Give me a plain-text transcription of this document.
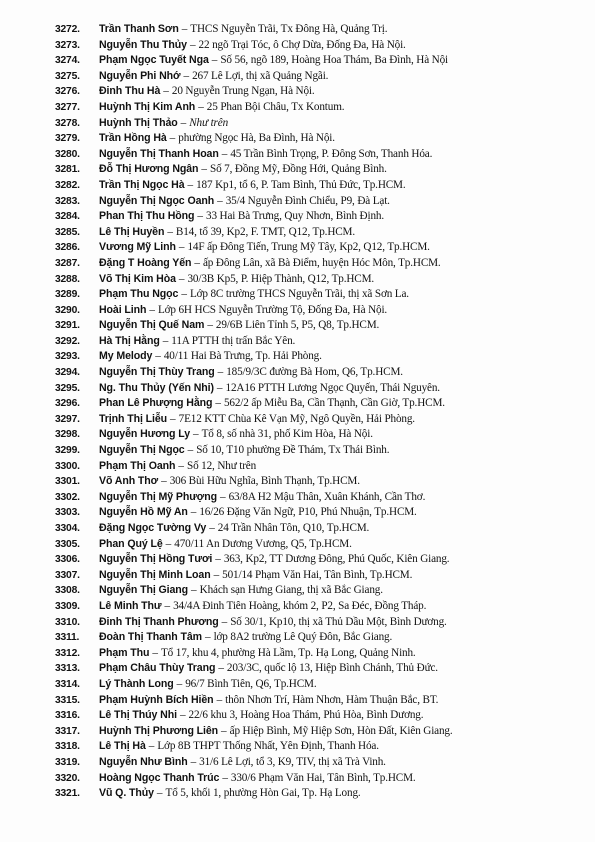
3272. Trần Thanh Sơn – THCS Nguyễn Trãi, Tx Đông Hà, Quảng Trị.
3273. Nguyễn Thu Thủy – 22 ngõ Trại Tóc, ô Chợ Dừa, Đống Đa, Hà Nội.
3274. Phạm Ngọc Tuyết Nga – Số 56, ngõ 189, Hoàng Hoa Thám, Ba Đình, Hà Nội
3275. Nguyễn Phi Nhớ – 267 Lê Lợi, thị xã Quảng Ngãi.
3276. Đinh Thu Hà – 20 Nguyễn Trung Ngạn, Hà Nội.
3277. Huỳnh Thị Kim Anh – 25 Phan Bội Châu, Tx Kontum.
3278. Huỳnh Thị Thảo – Như trên
3279. Trần Hồng Hà – phường Ngọc Hà, Ba Đình, Hà Nội.
3280. Nguyễn Thị Thanh Hoan – 45 Trần Bình Trọng, P. Đông Sơn, Thanh Hóa.
3281. Đỗ Thị Hương Ngân – Số 7, Đồng Mỹ, Đồng Hới, Quảng Bình.
3282. Trần Thị Ngọc Hà – 187 Kp1, tổ 6, P. Tam Bình, Thủ Đức, Tp.HCM.
3283. Nguyễn Thị Ngọc Oanh – 35/4 Nguyễn Đình Chiểu, P9, Đà Lạt.
3284. Phan Thị Thu Hồng – 33 Hai Bà Trưng, Quy Nhơn, Bình Định.
3285. Lê Thị Huyền – B14, tổ 39, Kp2, F. TMT, Q12, Tp.HCM.
3286. Vương Mỹ Linh – 14F ấp Đông Tiến, Trung Mỹ Tây, Kp2, Q12, Tp.HCM.
3287. Đặng T Hoàng Yến – ấp Đông Lân, xã Bà Điểm, huyện Hóc Môn, Tp.HCM.
3288. Võ Thị Kim Hòa – 30/3B Kp5, P. Hiệp Thành, Q12, Tp.HCM.
3289. Phạm Thu Ngọc – Lớp 8C trường THCS Nguyễn Trãi, thị xã Sơn La.
3290. Hoài Linh – Lớp 6H HCS Nguyễn Trường Tộ, Đống Đa, Hà Nội.
3291. Nguyễn Thị Quế Nam – 29/6B Liên Tỉnh 5, P5, Q8, Tp.HCM.
3292. Hà Thị Hằng – 11A PTTH thị trấn Bắc Yên.
3293. My Melody – 40/11 Hai Bà Trưng, Tp. Hải Phòng.
3294. Nguyễn Thị Thùy Trang – 185/9/3C đường Bà Hom, Q6, Tp.HCM.
3295. Ng. Thu Thủy (Yến Nhi) – 12A16 PTTH Lương Ngọc Quyến, Thái Nguyên.
3296. Phan Lê Phượng Hằng – 562/2 ấp Miễu Ba, Cần Thạnh, Cần Giờ, Tp.HCM.
3297. Trịnh Thị Liễu – 7E12 KTT Chùa Kê Vạn Mỹ, Ngô Quyền, Hải Phòng.
3298. Nguyễn Hương Ly – Tổ 8, số nhà 31, phố Kim Hòa, Hà Nội.
3299. Nguyễn Thị Ngọc – Số 10, T10 phường Đề Thám, Tx Thái Bình.
3300. Phạm Thị Oanh – Số 12, Như trên
3301. Võ Anh Thơ – 306 Bùi Hữu Nghĩa, Bình Thạnh, Tp.HCM.
3302. Nguyễn Thị Mỹ Phượng – 63/8A H2 Mậu Thân, Xuân Khánh, Cần Thơ.
3303. Nguyễn Hồ Mỹ An – 16/26 Đặng Văn Ngữ, P10, Phú Nhuận, Tp.HCM.
3304. Đặng Ngọc Tường Vy – 24 Trần Nhân Tôn, Q10, Tp.HCM.
3305. Phan Quý Lệ – 470/11 An Dương Vương, Q5, Tp.HCM.
3306. Nguyễn Thị Hồng Tươi – 363, Kp2, TT Dương Đông, Phú Quốc, Kiên Giang.
3307. Nguyễn Thị Minh Loan – 501/14 Phạm Văn Hai, Tân Bình, Tp.HCM.
3308. Nguyễn Thị Giang – Khách sạn Hưng Giang, thị xã Bắc Giang.
3309. Lê Minh Thư – 34/4A Đinh Tiên Hoàng, khóm 2, P2, Sa Đéc, Đồng Tháp.
3310. Đinh Thị Thanh Phương – Số 30/1, Kp10, thị xã Thủ Dầu Một, Bình Dương.
3311. Đoàn Thị Thanh Tâm – lớp 8A2 trường Lê Quý Đôn, Bắc Giang.
3312. Phạm Thu – Tổ 17, khu 4, phường Hà Lầm, Tp. Hạ Long, Quảng Ninh.
3313. Phạm Châu Thùy Trang – 203/3C, quốc lộ 13, Hiệp Bình Chánh, Thủ Đức.
3314. Lý Thành Long – 96/7 Bình Tiên, Q6, Tp.HCM.
3315. Phạm Huỳnh Bích Hiền – thôn Nhơn Trí, Hàm Nhơn, Hàm Thuận Bắc, BT.
3316. Lê Thị Thúy Nhi – 22/6 khu 3, Hoàng Hoa Thám, Phú Hòa, Bình Dương.
3317. Huỳnh Thị Phương Liên – ấp Hiệp Bình, Mỹ Hiệp Sơn, Hòn Đất, Kiên Giang.
3318. Lê Thị Hà – Lớp 8B THPT Thống Nhất, Yên Định, Thanh Hóa.
3319. Nguyễn Như Bình – 31/6 Lê Lợi, tổ 3, K9, TIV, thị xã Trà Vinh.
3320. Hoàng Ngọc Thanh Trúc – 330/6 Phạm Văn Hai, Tân Bình, Tp.HCM.
3321. Vũ Q. Thủy – Tổ 5, khối 1, phường Hòn Gai, Tp. Hạ Long.
